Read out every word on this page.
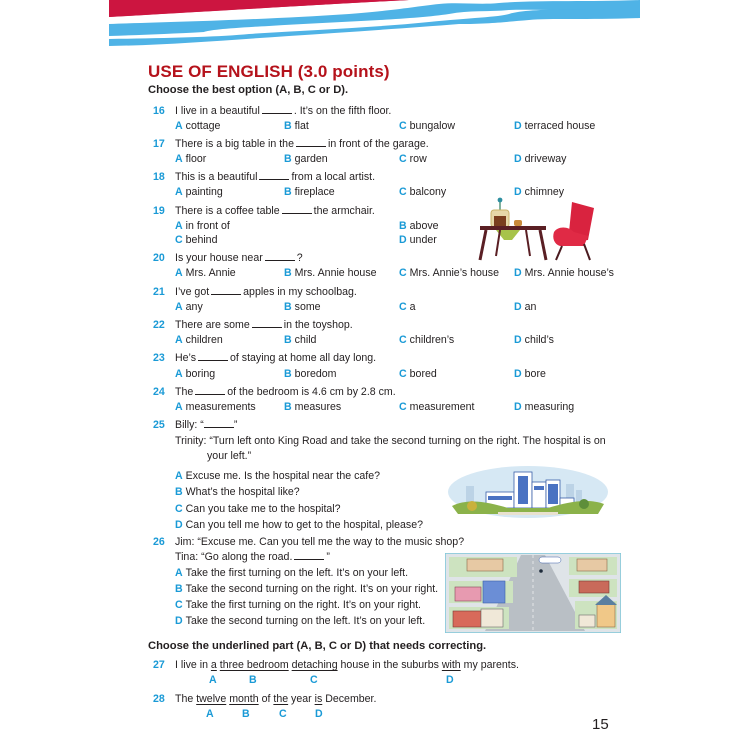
USE OF ENGLISH (3.0 points)
Choose the best option (A, B, C or D).
16 I live in a beautiful	. It’s on the fifth floor.
A cottage	B flat	C bungalow	D terraced house
17 There is a big table in the	in front of the garage.
A floor	B garden	C row	D driveway
18 This is a beautiful	from a local artist.
A painting	B fireplace	C balcony	D chimney
19 There is a coffee table	the armchair.
A in front of	B above
C behind	D under
20 Is your house near	?
A Mrs. Annie	B Mrs. Annie house C Mrs. Annie’s house D Mrs. Annie house’s
21 I’ve got	apples in my schoolbag.
A any	B some	C a	D an
22 There are some	in the toyshop.
A children	B child	C children’s	D child’s
23 He’s	of staying at home all day long.
A boring	B boredom	C bored	D bore
24 The	of the bedroom is 4.6 cm by 2.8 cm.
A measurements	B measures	C measurement	D measuring
25 Billy: “	”
Trinity: “Turn left onto King Road and take the second turning on the right. The hospital is on
your left.”
A Excuse me. Is the hospital near the cafe?
B What’s the hospital like?
C Can you take me to the hospital?
D Can you tell me how to get to the hospital, please?
26 Jim: “Excuse me. Can you tell me the way to the music shop?
Tina: “Go along the road.	”
A Take the first turning on the left. It’s on your left.
B Take the second turning on the right. It’s on your right.
C Take the first turning on the right. It’s on your right.
D Take the second turning on the left. It’s on your left.
Choose the underlined part (A, B, C or D) that needs correcting.
27 I live in a three bedroom detaching house in the suburbs with my parents.
A	B	C	D
28 The twelve month of the year is December.
A	B	C	D
15
